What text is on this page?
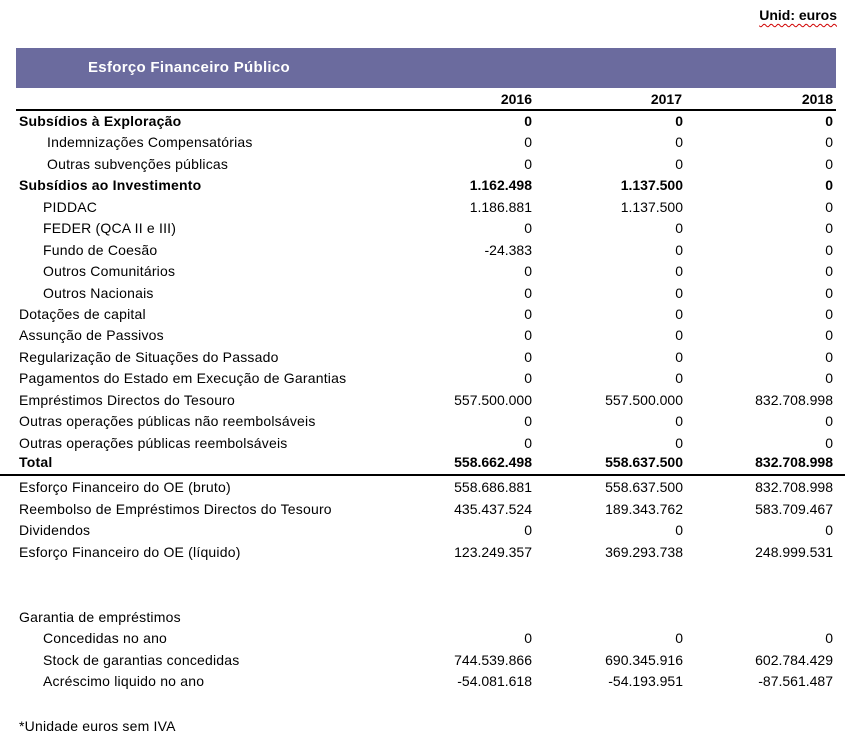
Unid: euros
Esforço Financeiro Público
2016	2017	2018
Subsídios à Exploração	0	0	0
Indemnizações Compensatórias	0	0	0
Outras subvenções públicas	0	0	0
Subsídios ao Investimento	1.162.498	1.137.500	0
PIDDAC	1.186.881	1.137.500	0
FEDER (QCA II e III)	0	0	0
Fundo de Coesão	-24.383	0	0
Outros Comunitários	0	0	0
Outros Nacionais	0	0	0
Dotações de capital	0	0	0
Assunção de Passivos	0	0	0
Regularização de Situações do Passado	0	0	0
Pagamentos do Estado em Execução de Garantias	0	0	0
Empréstimos Directos do Tesouro	557.500.000	557.500.000	832.708.998
Outras operações públicas não reembolsáveis	0	0	0
Outras operações públicas reembolsáveis	0	0	0
Total	558.662.498	558.637.500	832.708.998
Esforço Financeiro do OE (bruto)	558.686.881	558.637.500	832.708.998
Reembolso de Empréstimos Directos do Tesouro	435.437.524	189.343.762	583.709.467
Dividendos	0	0	0
Esforço Financeiro do OE (líquido)	123.249.357	369.293.738	248.999.531
Garantia de empréstimos
Concedidas no ano	0	0	0
Stock de garantias concedidas	744.539.866	690.345.916	602.784.429
Acréscimo liquido no ano	-54.081.618	-54.193.951	-87.561.487
*Unidade euros sem IVA
